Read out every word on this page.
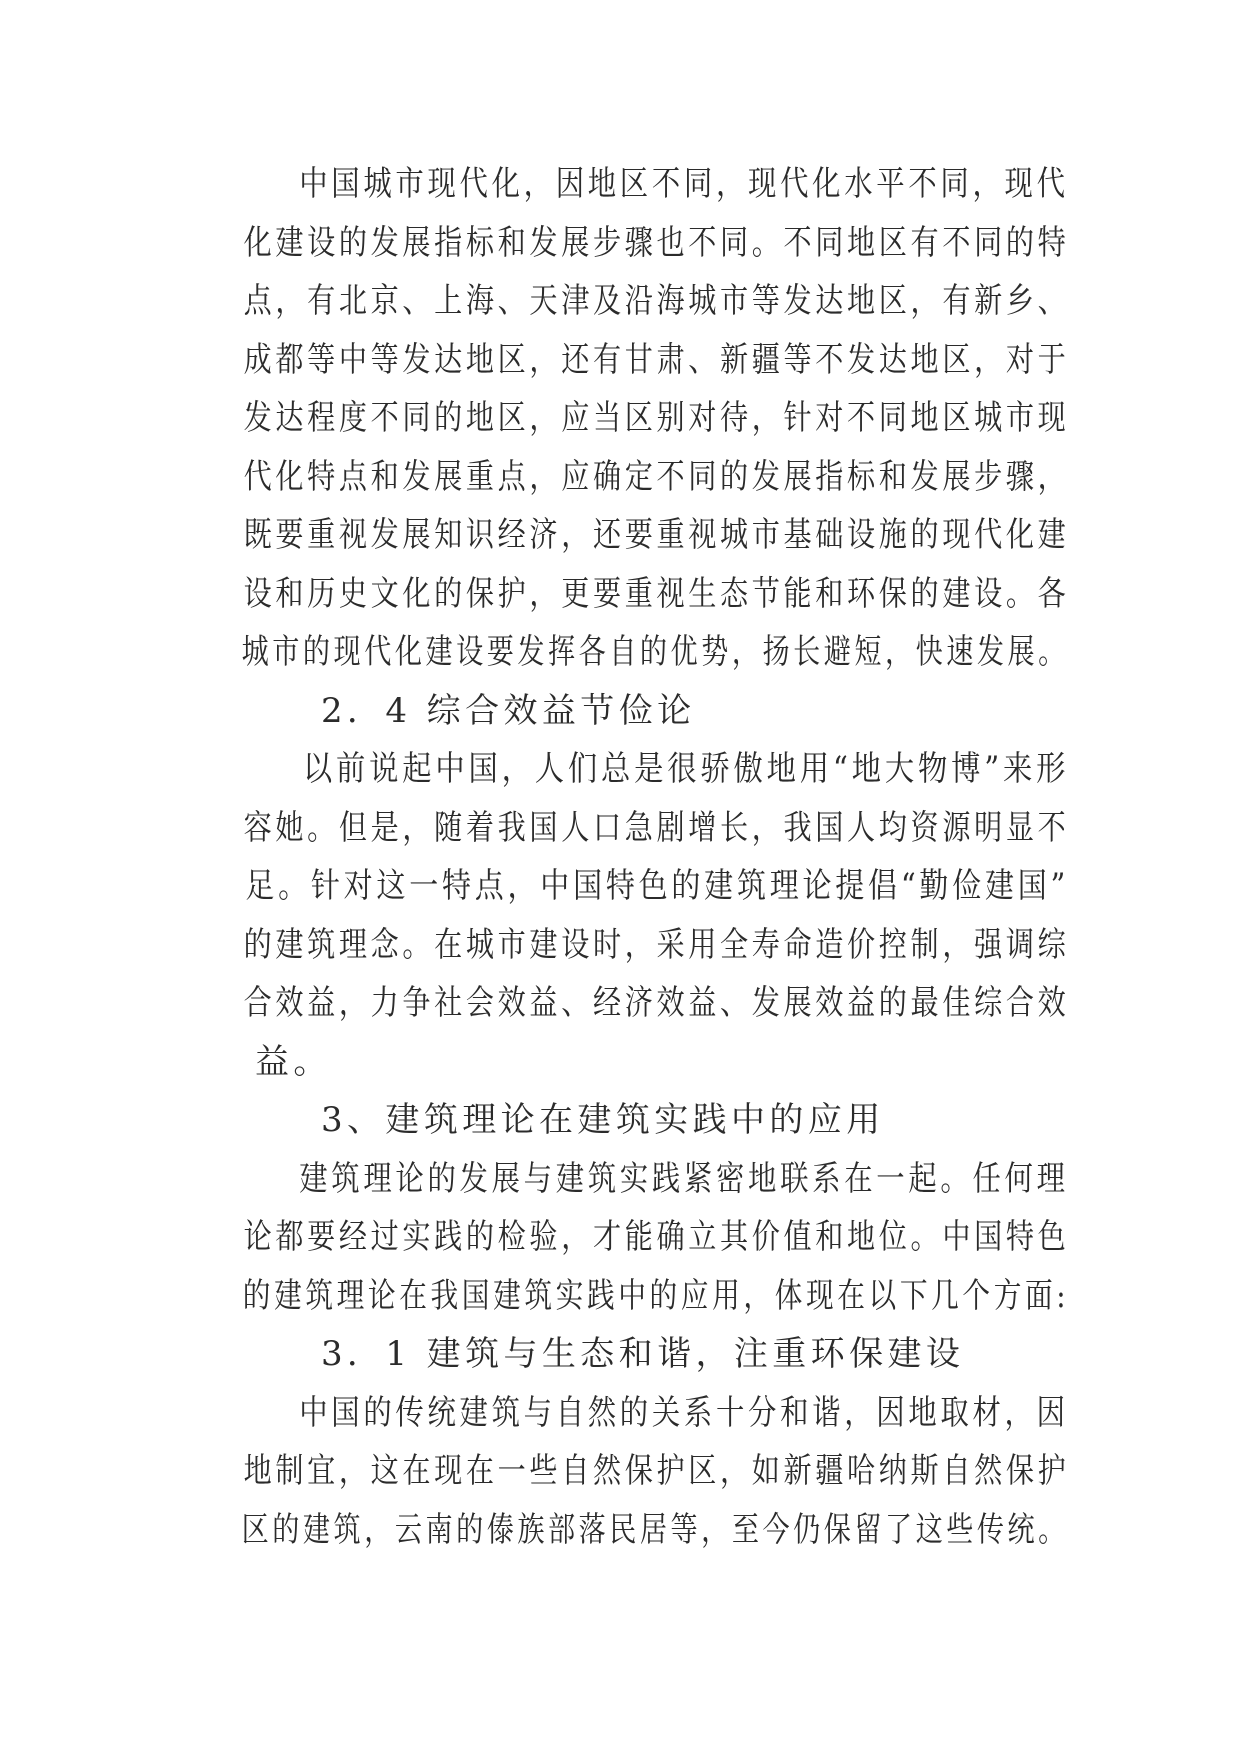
中国城市现代化，因地区不同，现代化水平不同，现代
化建设的发展指标和发展步骤也不同。不同地区有不同的特
点，有北京、上海、天津及沿海城市等发达地区，有新乡、
成都等中等发达地区，还有甘肃、新疆等不发达地区，对于
发达程度不同的地区，应当区别对待，针对不同地区城市现
代化特点和发展重点，应确定不同的发展指标和发展步骤，
既要重视发展知识经济，还要重视城市基础设施的现代化建
设和历史文化的保护，更要重视生态节能和环保的建设。各
城市的现代化建设要发挥各自的优势，扬长避短，快速发展。
2．4 综合效益节俭论
以前说起中国，人们总是很骄傲地用“地大物博”来形
容她。但是，随着我国人口急剧增长，我国人均资源明显不
足。针对这一特点，中国特色的建筑理论提倡“勤俭建国”
的建筑理念。在城市建设时，采用全寿命造价控制，强调综
合效益，力争社会效益、经济效益、发展效益的最佳综合效
益。
3、建筑理论在建筑实践中的应用
建筑理论的发展与建筑实践紧密地联系在一起。任何理
论都要经过实践的检验，才能确立其价值和地位。中国特色
的建筑理论在我国建筑实践中的应用，体现在以下几个方面:
3．1 建筑与生态和谐，注重环保建设
中国的传统建筑与自然的关系十分和谐，因地取材，因
地制宜，这在现在一些自然保护区，如新疆哈纳斯自然保护
区的建筑，云南的傣族部落民居等，至今仍保留了这些传统。
